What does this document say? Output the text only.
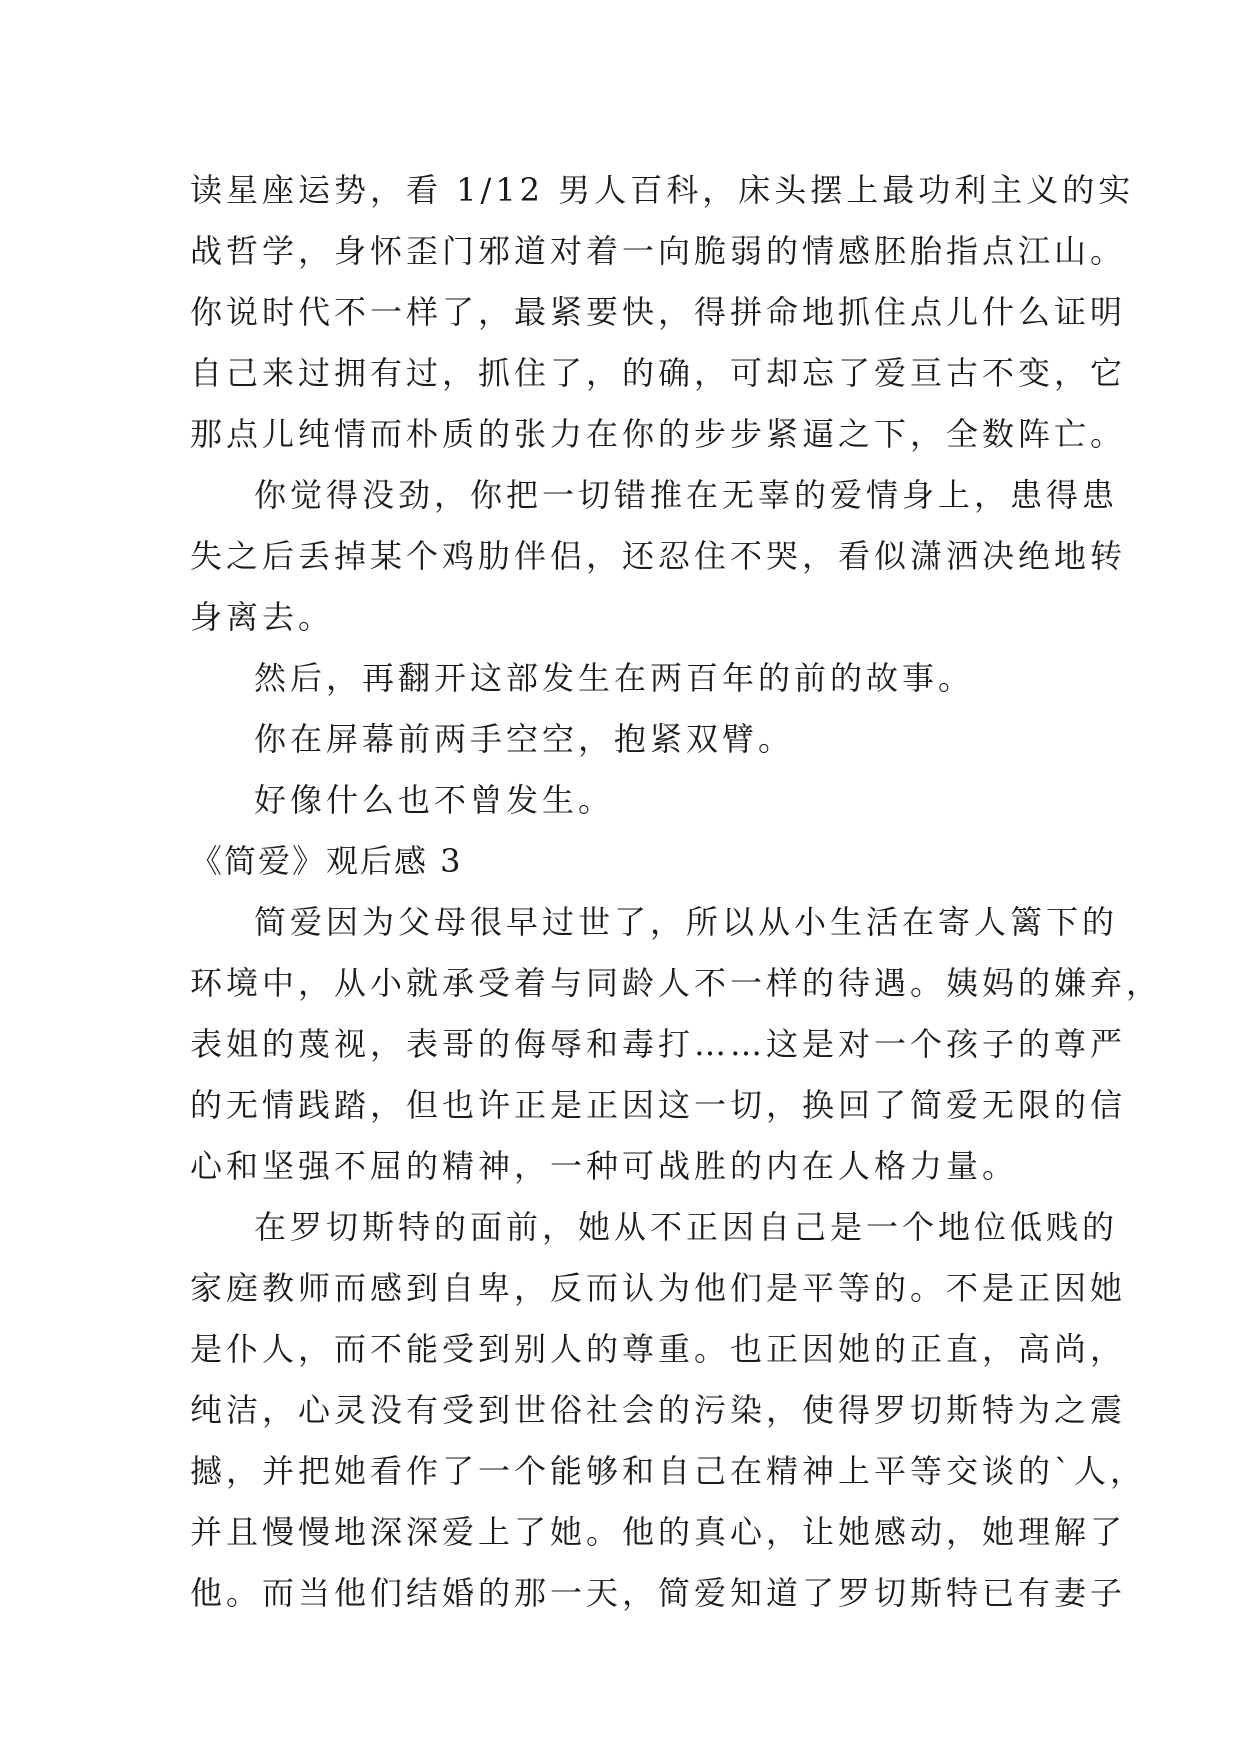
读星座运势，看 1/12 男人百科，床头摆上最功利主义的实
战哲学，身怀歪门邪道对着一向脆弱的情感胚胎指点江山。
你说时代不一样了，最紧要快，得拼命地抓住点儿什么证明
自己来过拥有过，抓住了，的确，可却忘了爱亘古不变，它
那点儿纯情而朴质的张力在你的步步紧逼之下，全数阵亡。
你觉得没劲，你把一切错推在无辜的爱情身上，患得患
失之后丢掉某个鸡肋伴侣，还忍住不哭，看似潇洒决绝地转
身离去。
然后，再翻开这部发生在两百年的前的故事。
你在屏幕前两手空空，抱紧双臂。
好像什么也不曾发生。
《简爱》观后感 3
简爱因为父母很早过世了，所以从小生活在寄人篱下的
环境中，从小就承受着与同龄人不一样的待遇。姨妈的嫌弃，
表姐的蔑视，表哥的侮辱和毒打……这是对一个孩子的尊严
的无情践踏，但也许正是正因这一切，换回了简爱无限的信
心和坚强不屈的精神，一种可战胜的内在人格力量。
在罗切斯特的面前，她从不正因自己是一个地位低贱的
家庭教师而感到自卑，反而认为他们是平等的。不是正因她
是仆人，而不能受到别人的尊重。也正因她的正直，高尚，
纯洁，心灵没有受到世俗社会的污染，使得罗切斯特为之震
撼，并把她看作了一个能够和自己在精神上平等交谈的`人，
并且慢慢地深深爱上了她。他的真心，让她感动，她理解了
他。而当他们结婚的那一天，简爱知道了罗切斯特已有妻子
